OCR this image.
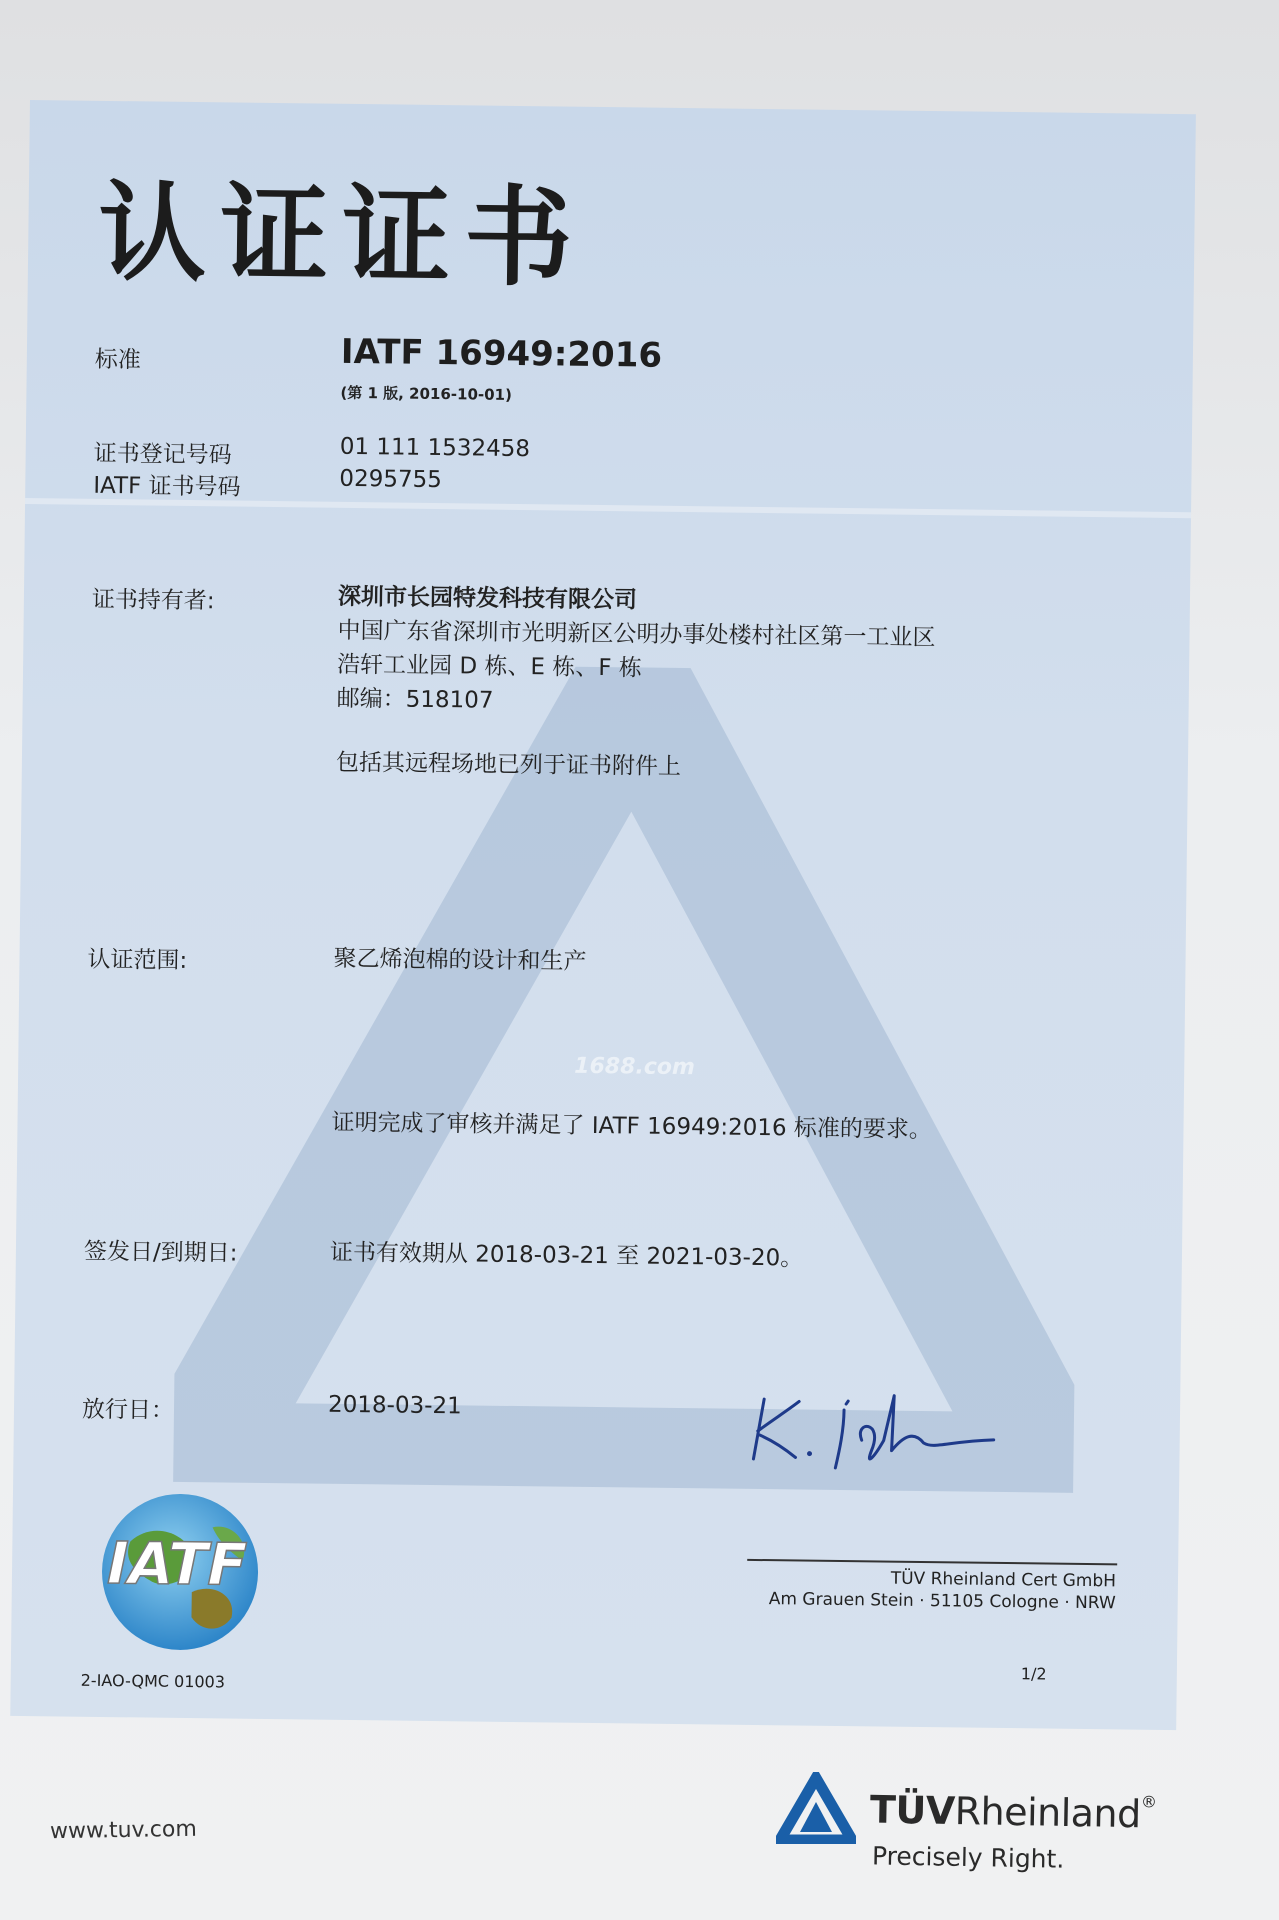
认证证书
标准	IATF 16949:2016
(第 1 版, 2016-10-01)
证书登记号码	01 111 1532458
IATF 证书号码	0295755
证书持有者:	深圳市长园特发科技有限公司
中国广东省深圳市光明新区公明办事处楼村社区第一工业区
浩轩工业园 D 栋、E 栋、F 栋
邮编：518107
包括其远程场地已列于证书附件上
认证范围:	聚乙烯泡棉的设计和生产
证明完成了审核并满足了 IATF 16949:2016 标准的要求。
签发日/到期日:	证书有效期从 2018-03-21 至 2021-03-20。
放行日：	2018-03-21
TÜV Rheinland Cert GmbH
Am Grauen Stein · 51105 Cologne · NRW
IATF
2-IAO-QMC 01003	1/2
1688.com
www.tuv.com	TÜVRheinland®
Precisely Right.
